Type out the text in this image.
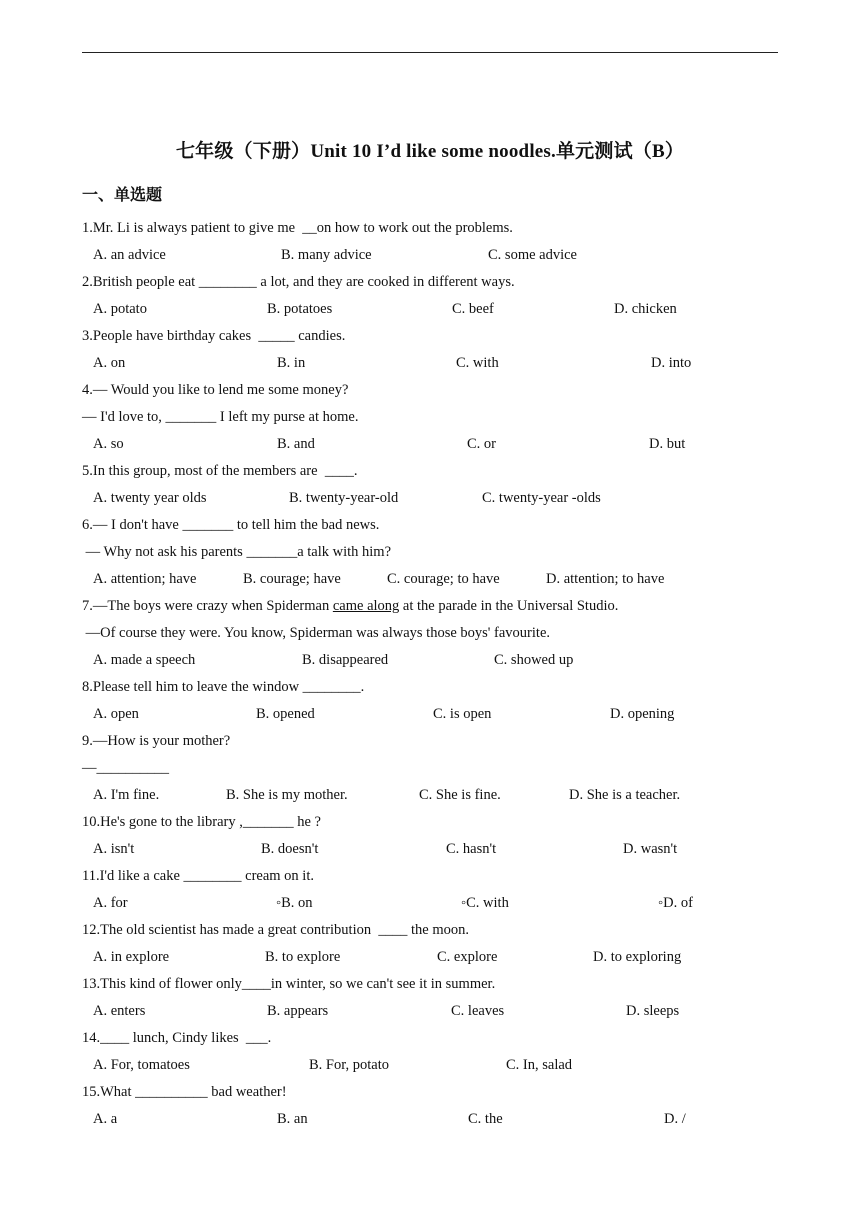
七年级（下册）Unit 10 I’d like some noodles.单元测试（B）
一、单选题
1.Mr. Li is always patient to give me  __on how to work out the problems.
A. an advice	B. many advice	C. some advice
2.British people eat ________ a lot, and they are cooked in different ways.
A. potato	B. potatoes	C. beef	D. chicken
3.People have birthday cakes  _____ candies.
A. on	B. in	C. with	D. into
4.— Would you like to lend me some money?
— I'd love to, _______ I left my purse at home.
A. so	B. and	C. or	D. but
5.In this group, most of the members are  ____.
A. twenty year olds	B. twenty-year-old	C. twenty-year -olds
6.— I don't have _______ to tell him the bad news.
— Why not ask his parents _______a talk with him?
A. attention; have	B. courage; have	C. courage; to have	D. attention; to have
7.—The boys were crazy when Spiderman came along at the parade in the Universal Studio.
—Of course they were. You know, Spiderman was always those boys' favourite.
A. made a speech	B. disappeared	C. showed up
8.Please tell him to leave the window ________.
A. open	B. opened	C. is open	D. opening
9.—How is your mother?
—__________
A. I'm fine.	B. She is my mother.	C. She is fine.	D. She is a teacher.
10.He's gone to the library ,_______ he ?
A. isn't	B. doesn't	C. hasn't	D. wasn't
11.I'd like a cake ________ cream on it.
A. for	◦B. on	◦C. with	◦D. of
12.The old scientist has made a great contribution  ____ the moon.
A. in explore	B. to explore	C. explore	D. to exploring
13.This kind of flower only____in winter, so we can't see it in summer.
A. enters	B. appears	C. leaves	D. sleeps
14.____ lunch, Cindy likes  ___.
A. For, tomatoes	B. For, potato	C. In, salad
15.What __________ bad weather!
A. a	B. an	C. the	D. /
